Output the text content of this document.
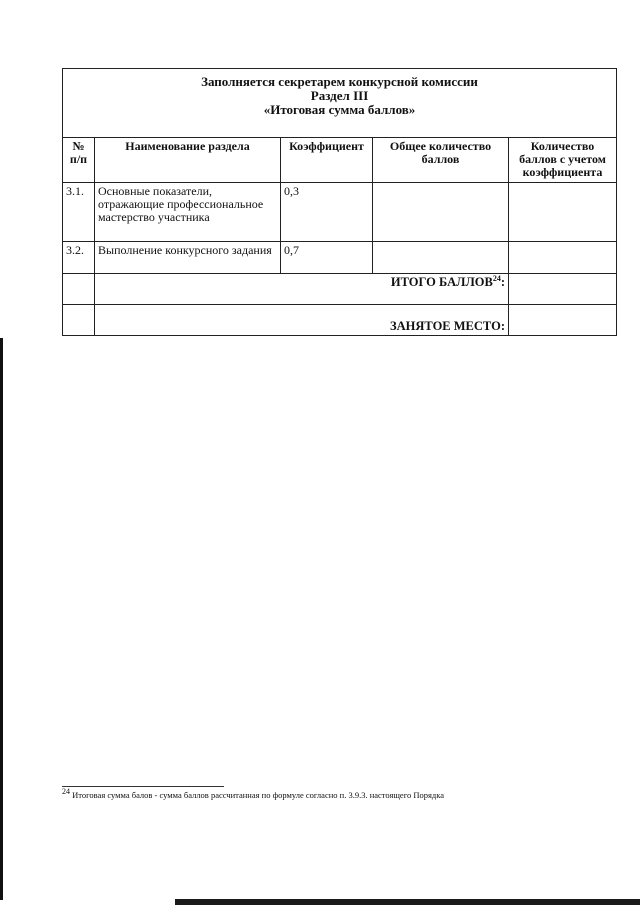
Заполняется секретарем конкурсной комиссии
Раздел III
«Итоговая сумма баллов»				

№ п/п	Наименование раздела	Коэффициент	Общее количество баллов	Количество баллов с учетом коэффициента
3.1.	Основные показатели, отражающие профессиональное мастерство участника	0,3		
3.2.	Выполнение конкурсного задания	0,7		
	ИТОГО БАЛЛОВ$^{24}$:			
	ЗАНЯТОЕ МЕСТО:			
$^{24}$ Итоговая сумма балов - сумма баллов рассчитанная по формуле согласно п. 3.9.3. настоящего Порядка
